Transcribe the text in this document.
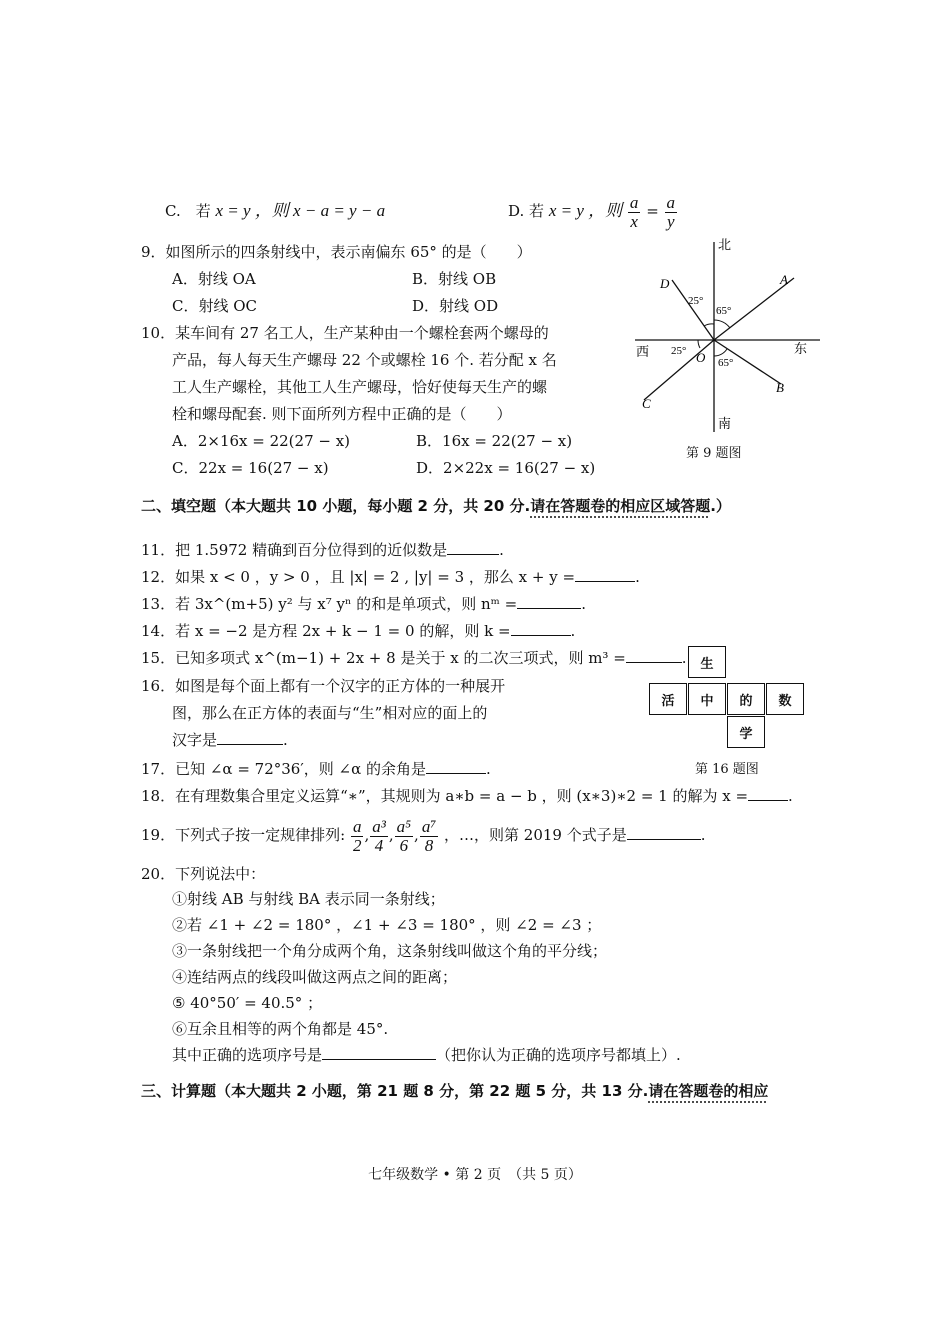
C.　若 x = y ，则 x − a = y − a	D. 若 x = y ，则 $\frac{a}{x} = \frac{a}{y}$
9．如图所示的四条射线中，表示南偏东 65° 的是（　　）
A．射线 OA	B．射线 OB
C．射线 OC	D．射线 OD
北
南
西	东
O
A
B
C
D
25°
65°
25°
65°
第 9 题图
10．某车间有 27 名工人，生产某种由一个螺栓套两个螺母的
产品，每人每天生产螺母 22 个或螺栓 16 个. 若分配 x 名
工人生产螺栓，其他工人生产螺母，恰好使每天生产的螺
栓和螺母配套. 则下面所列方程中正确的是（　　）
A．2×16x = 22(27 − x)	B．16x = 22(27 − x)
C．22x = 16(27 − x)	D．2×22x = 16(27 − x)
二、填空题（本大题共 10 小题，每小题 2 分，共 20 分.请在答题卷的相应区域答题.）
11．把 1.5972 精确到百分位得到的近似数是	.
12．如果 x < 0 ，y > 0 ，且 |x| = 2 , |y| = 3 ，那么 x + y =	.
13．若 3x^(m+5) y² 与 x⁷ yⁿ 的和是单项式，则 nᵐ =	.
14．若 x = −2 是方程 2x + k − 1 = 0 的解，则 k =	.
15．已知多项式 x^(m−1) + 2x + 8 是关于 x 的二次三项式，则 m³ =	.
16．如图是每个面上都有一个汉字的正方体的一种展开
图，那么在正方体的表面与“生”相对应的面上的
汉字是	.
生
活	中	的	数
学
第 16 题图
17．已知 ∠α = 72°36′，则 ∠α 的余角是	.
18．在有理数集合里定义运算“∗”，其规则为 a∗b = a − b ，则 (x∗3)∗2 = 1 的解为 x =	.
19．下列式子按一定规律排列: $\frac{a}{2}$ , $\frac{\text{a³}}{4}$ , $\frac{\text{a⁵}}{6}$ , $\frac{\text{a⁷}}{8}$ ，…，则第 2019 个式子是	.
20．下列说法中：
①射线 AB 与射线 BA 表示同一条射线；
②若 ∠1 + ∠2 = 180° ，∠1 + ∠3 = 180° ，则 ∠2 = ∠3 ；
③一条射线把一个角分成两个角，这条射线叫做这个角的平分线；
④连结两点的线段叫做这两点之间的距离；
⑤ 40°50′ = 40.5° ；
⑥互余且相等的两个角都是 45°.
其中正确的选项序号是	（把你认为正确的选项序号都填上）.
三、计算题（本大题共 2 小题，第 21 题 8 分，第 22 题 5 分，共 13 分.请在答题卷的相应
七年级数学 • 第 2 页　（共 5 页）
